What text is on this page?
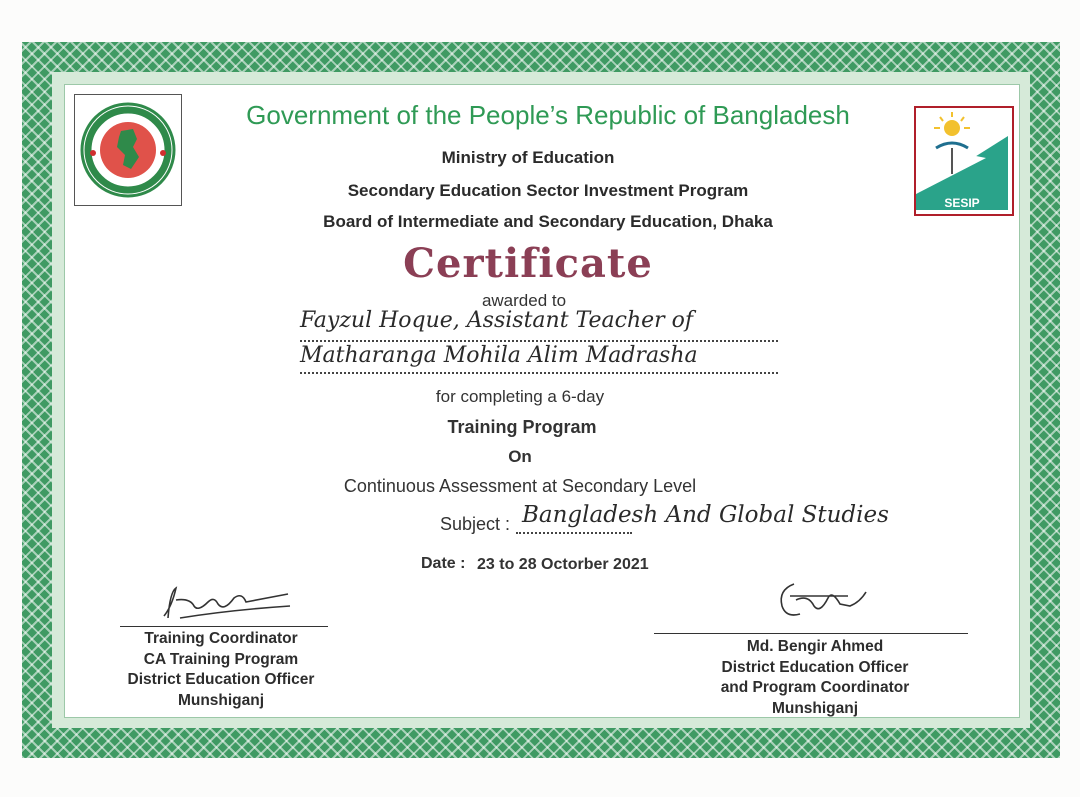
SESIP
Government of the People’s Republic of Bangladesh
Ministry of Education
Secondary Education Sector Investment Program
Board of Intermediate and Secondary Education, Dhaka
Certificate
awarded to
Fayzul Hoque, Assistant Teacher of
Matharanga Mohila Alim Madrasha
for completing a 6-day
Training Program
On
Continuous Assessment at Secondary Level
Subject : Bangladesh And Global Studies
Date : 23 to 28 Octorber 2021
Training Coordinator
CA Training Program
District Education Officer
Munshiganj
Md. Bengir Ahmed
District Education Officer
and Program Coordinator
Munshiganj
